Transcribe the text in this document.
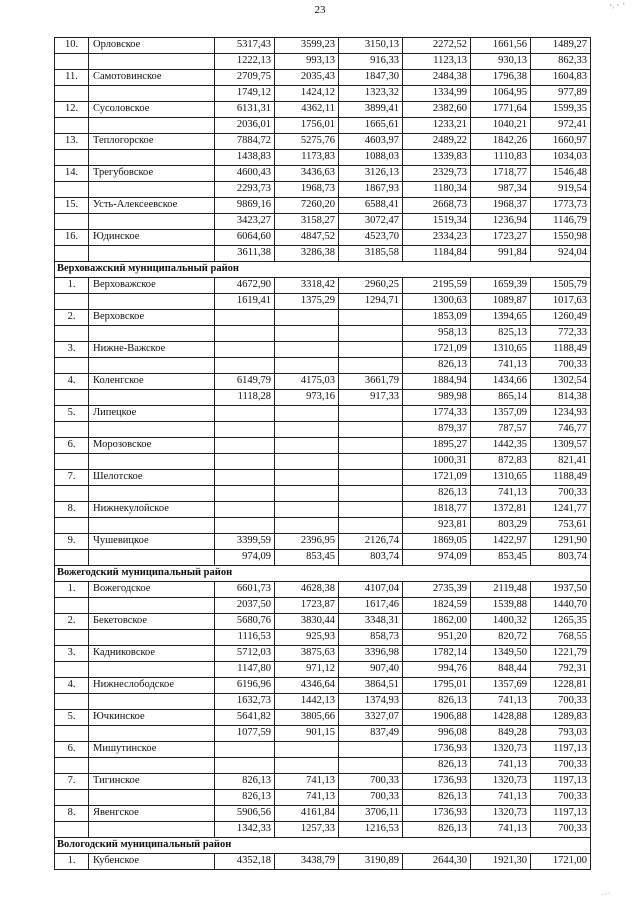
23	ᵃᵢ ʳ ʼ
· ʳ ʹ
10.	Орловское	5317,43	3599,23	3150,13	2272,52	1661,56	1489,27
		1222,13	993,13	916,33	1123,13	930,13	862,33
11.	Самотовинское	2709,75	2035,43	1847,30	2484,38	1796,38	1604,83
		1749,12	1424,12	1323,32	1334,99	1064,95	977,89
12.	Сусоловское	6131,31	4362,11	3899,41	2382,60	1771,64	1599,35
		2036,01	1756,01	1665,61	1233,21	1040,21	972,41
13.	Теплогорское	7884,72	5275,76	4603,97	2489,22	1842,26	1660,97
		1438,83	1173,83	1088,03	1339,83	1110,83	1034,03
14.	Трегубовское	4600,43	3436,63	3126,13	2329,73	1718,77	1546,48
		2293,73	1968,73	1867,93	1180,34	987,34	919,54
15.	Усть-Алексеевское	9869,16	7260,20	6588,41	2668,73	1968,37	1773,73
		3423,27	3158,27	3072,47	1519,34	1236,94	1146,79
16.	Юдинское	6064,60	4847,52	4523,70	2334,23	1723,27	1550,98
		3611,38	3286,38	3185,58	1184,84	991,84	924,04
Верховажский муниципальный район							
1.	Верховажское	4672,90	3318,42	2960,25	2195,59	1659,39	1505,79
		1619,41	1375,29	1294,71	1300,63	1089,87	1017,63
2.	Верховское				1853,09	1394,65	1260,49
					958,13	825,13	772,33
3.	Нижне-Важское				1721,09	1310,65	1188,49
					826,13	741,13	700,33
4.	Коленгское	6149,79	4175,03	3661,79	1884,94	1434,66	1302,54
		1118,28	973,16	917,33	989,98	865,14	814,38
5.	Липецкое				1774,33	1357,09	1234,93
					879,37	787,57	746,77
6.	Морозовское				1895,27	1442,35	1309,57
					1000,31	872,83	821,41
7.	Шелотское				1721,09	1310,65	1188,49
					826,13	741,13	700,33
8.	Нижнекулойское				1818,77	1372,81	1241,77
					923,81	803,29	753,61
9.	Чушевицкое	3399,59	2396,95	2126,74	1869,05	1422,97	1291,90
		974,09	853,45	803,74	974,09	853,45	803,74
Вожегодский муниципальный район							
1.	Вожегодское	6601,73	4628,38	4107,04	2735,39	2119,48	1937,50
		2037,50	1723,87	1617,46	1824,59	1539,88	1440,70
2.	Бекетовское	5680,76	3830,44	3348,31	1862,00	1400,32	1265,35
		1116,53	925,93	858,73	951,20	820,72	768,55
3.	Кадниковское	5712,03	3875,63	3396,98	1782,14	1349,50	1221,79
		1147,80	971,12	907,40	994,76	848,44	792,31
4.	Нижнеслободское	6196,96	4346,64	3864,51	1795,01	1357,69	1228,81
		1632,73	1442,13	1374,93	826,13	741,13	700,33
5.	Ючкинское	5641,82	3805,66	3327,07	1906,88	1428,88	1289,83
		1077,59	901,15	837,49	996,08	849,28	793,03
6.	Мишутинское				1736,93	1320,73	1197,13
					826,13	741,13	700,33
7.	Тигинское	826,13	741,13	700,33	1736,93	1320,73	1197,13
		826,13	741,13	700,33	826,13	741,13	700,33
8.	Явенгское	5906,56	4161,84	3706,11	1736,93	1320,73	1197,13
		1342,33	1257,33	1216,53	826,13	741,13	700,33
Вологодский муниципальный район							
1.	Кубенское	4352,18	3438,79	3190,89	2644,30	1921,30	1721,00
